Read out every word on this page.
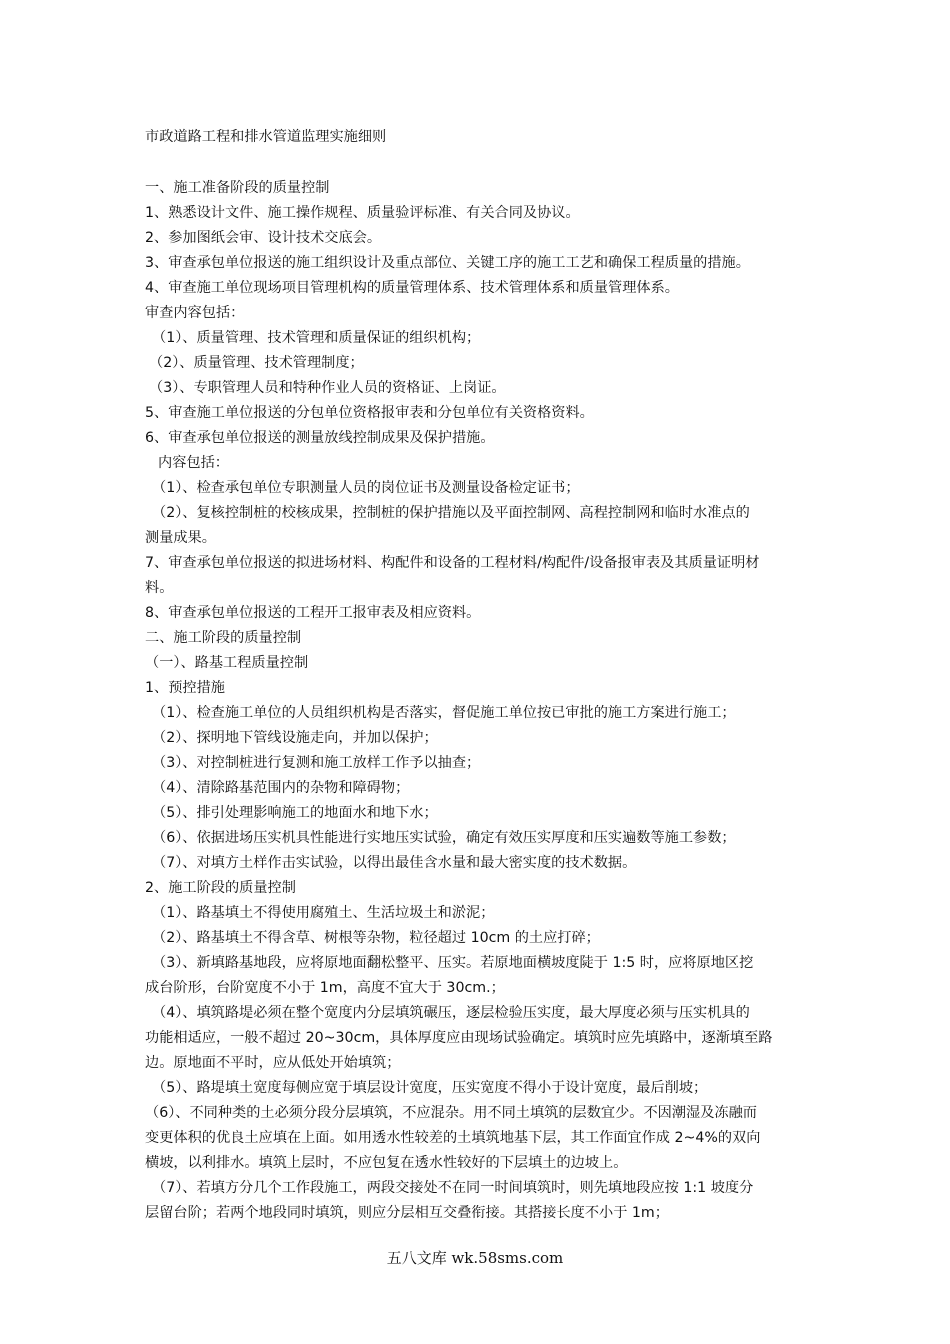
市政道路工程和排水管道监理实施细则
一、施工准备阶段的质量控制
1、熟悉设计文件、施工操作规程、质量验评标准、有关合同及协议。
2、参加图纸会审、设计技术交底会。
3、审查承包单位报送的施工组织设计及重点部位、关键工序的施工工艺和确保工程质量的措施。
4、审查施工单位现场项目管理机构的质量管理体系、技术管理体系和质量管理体系。
审查内容包括：
（1）、质量管理、技术管理和质量保证的组织机构；
（2）、质量管理、技术管理制度；
（3）、专职管理人员和特种作业人员的资格证、上岗证。
5、审查施工单位报送的分包单位资格报审表和分包单位有关资格资料。
6、审查承包单位报送的测量放线控制成果及保护措施。
内容包括：
（1）、检查承包单位专职测量人员的岗位证书及测量设备检定证书；
（2）、复核控制桩的校核成果，控制桩的保护措施以及平面控制网、高程控制网和临时水准点的
测量成果。
7、审查承包单位报送的拟进场材料、构配件和设备的工程材料/构配件/设备报审表及其质量证明材
料。
8、审查承包单位报送的工程开工报审表及相应资料。
二、施工阶段的质量控制
（一）、路基工程质量控制
1、预控措施
（1）、检查施工单位的人员组织机构是否落实，督促施工单位按已审批的施工方案进行施工；
（2）、探明地下管线设施走向，并加以保护；
（3）、对控制桩进行复测和施工放样工作予以抽查；
（4）、清除路基范围内的杂物和障碍物；
（5）、排引处理影响施工的地面水和地下水；
（6）、依据进场压实机具性能进行实地压实试验，确定有效压实厚度和压实遍数等施工参数；
（7）、对填方土样作击实试验，以得出最佳含水量和最大密实度的技术数据。
2、施工阶段的质量控制
（1）、路基填土不得使用腐殖土、生活垃圾土和淤泥；
（2）、路基填土不得含草、树根等杂物，粒径超过 10cm 的土应打碎；
（3）、新填路基地段，应将原地面翻松整平、压实。若原地面横坡度陡于 1:5 时，应将原地区挖
成台阶形，台阶宽度不小于 1m，高度不宜大于 30cm.；
（4）、填筑路堤必须在整个宽度内分层填筑碾压，逐层检验压实度，最大厚度必须与压实机具的
功能相适应，一般不超过 20~30cm，具体厚度应由现场试验确定。填筑时应先填路中，逐渐填至路
边。原地面不平时，应从低处开始填筑；
（5）、路堤填土宽度每侧应宽于填层设计宽度，压实宽度不得小于设计宽度，最后削坡；
（6）、不同种类的土必须分段分层填筑，不应混杂。用不同土填筑的层数宜少。不因潮湿及冻融而
变更体积的优良土应填在上面。如用透水性较差的土填筑地基下层，其工作面宜作成 2~4%的双向
横坡，以利排水。填筑上层时，不应包复在透水性较好的下层填土的边坡上。
（7）、若填方分几个工作段施工，两段交接处不在同一时间填筑时，则先填地段应按 1:1 坡度分
层留台阶；若两个地段同时填筑，则应分层相互交叠衔接。其搭接长度不小于 1m；
五八文库 wk.58sms.com
